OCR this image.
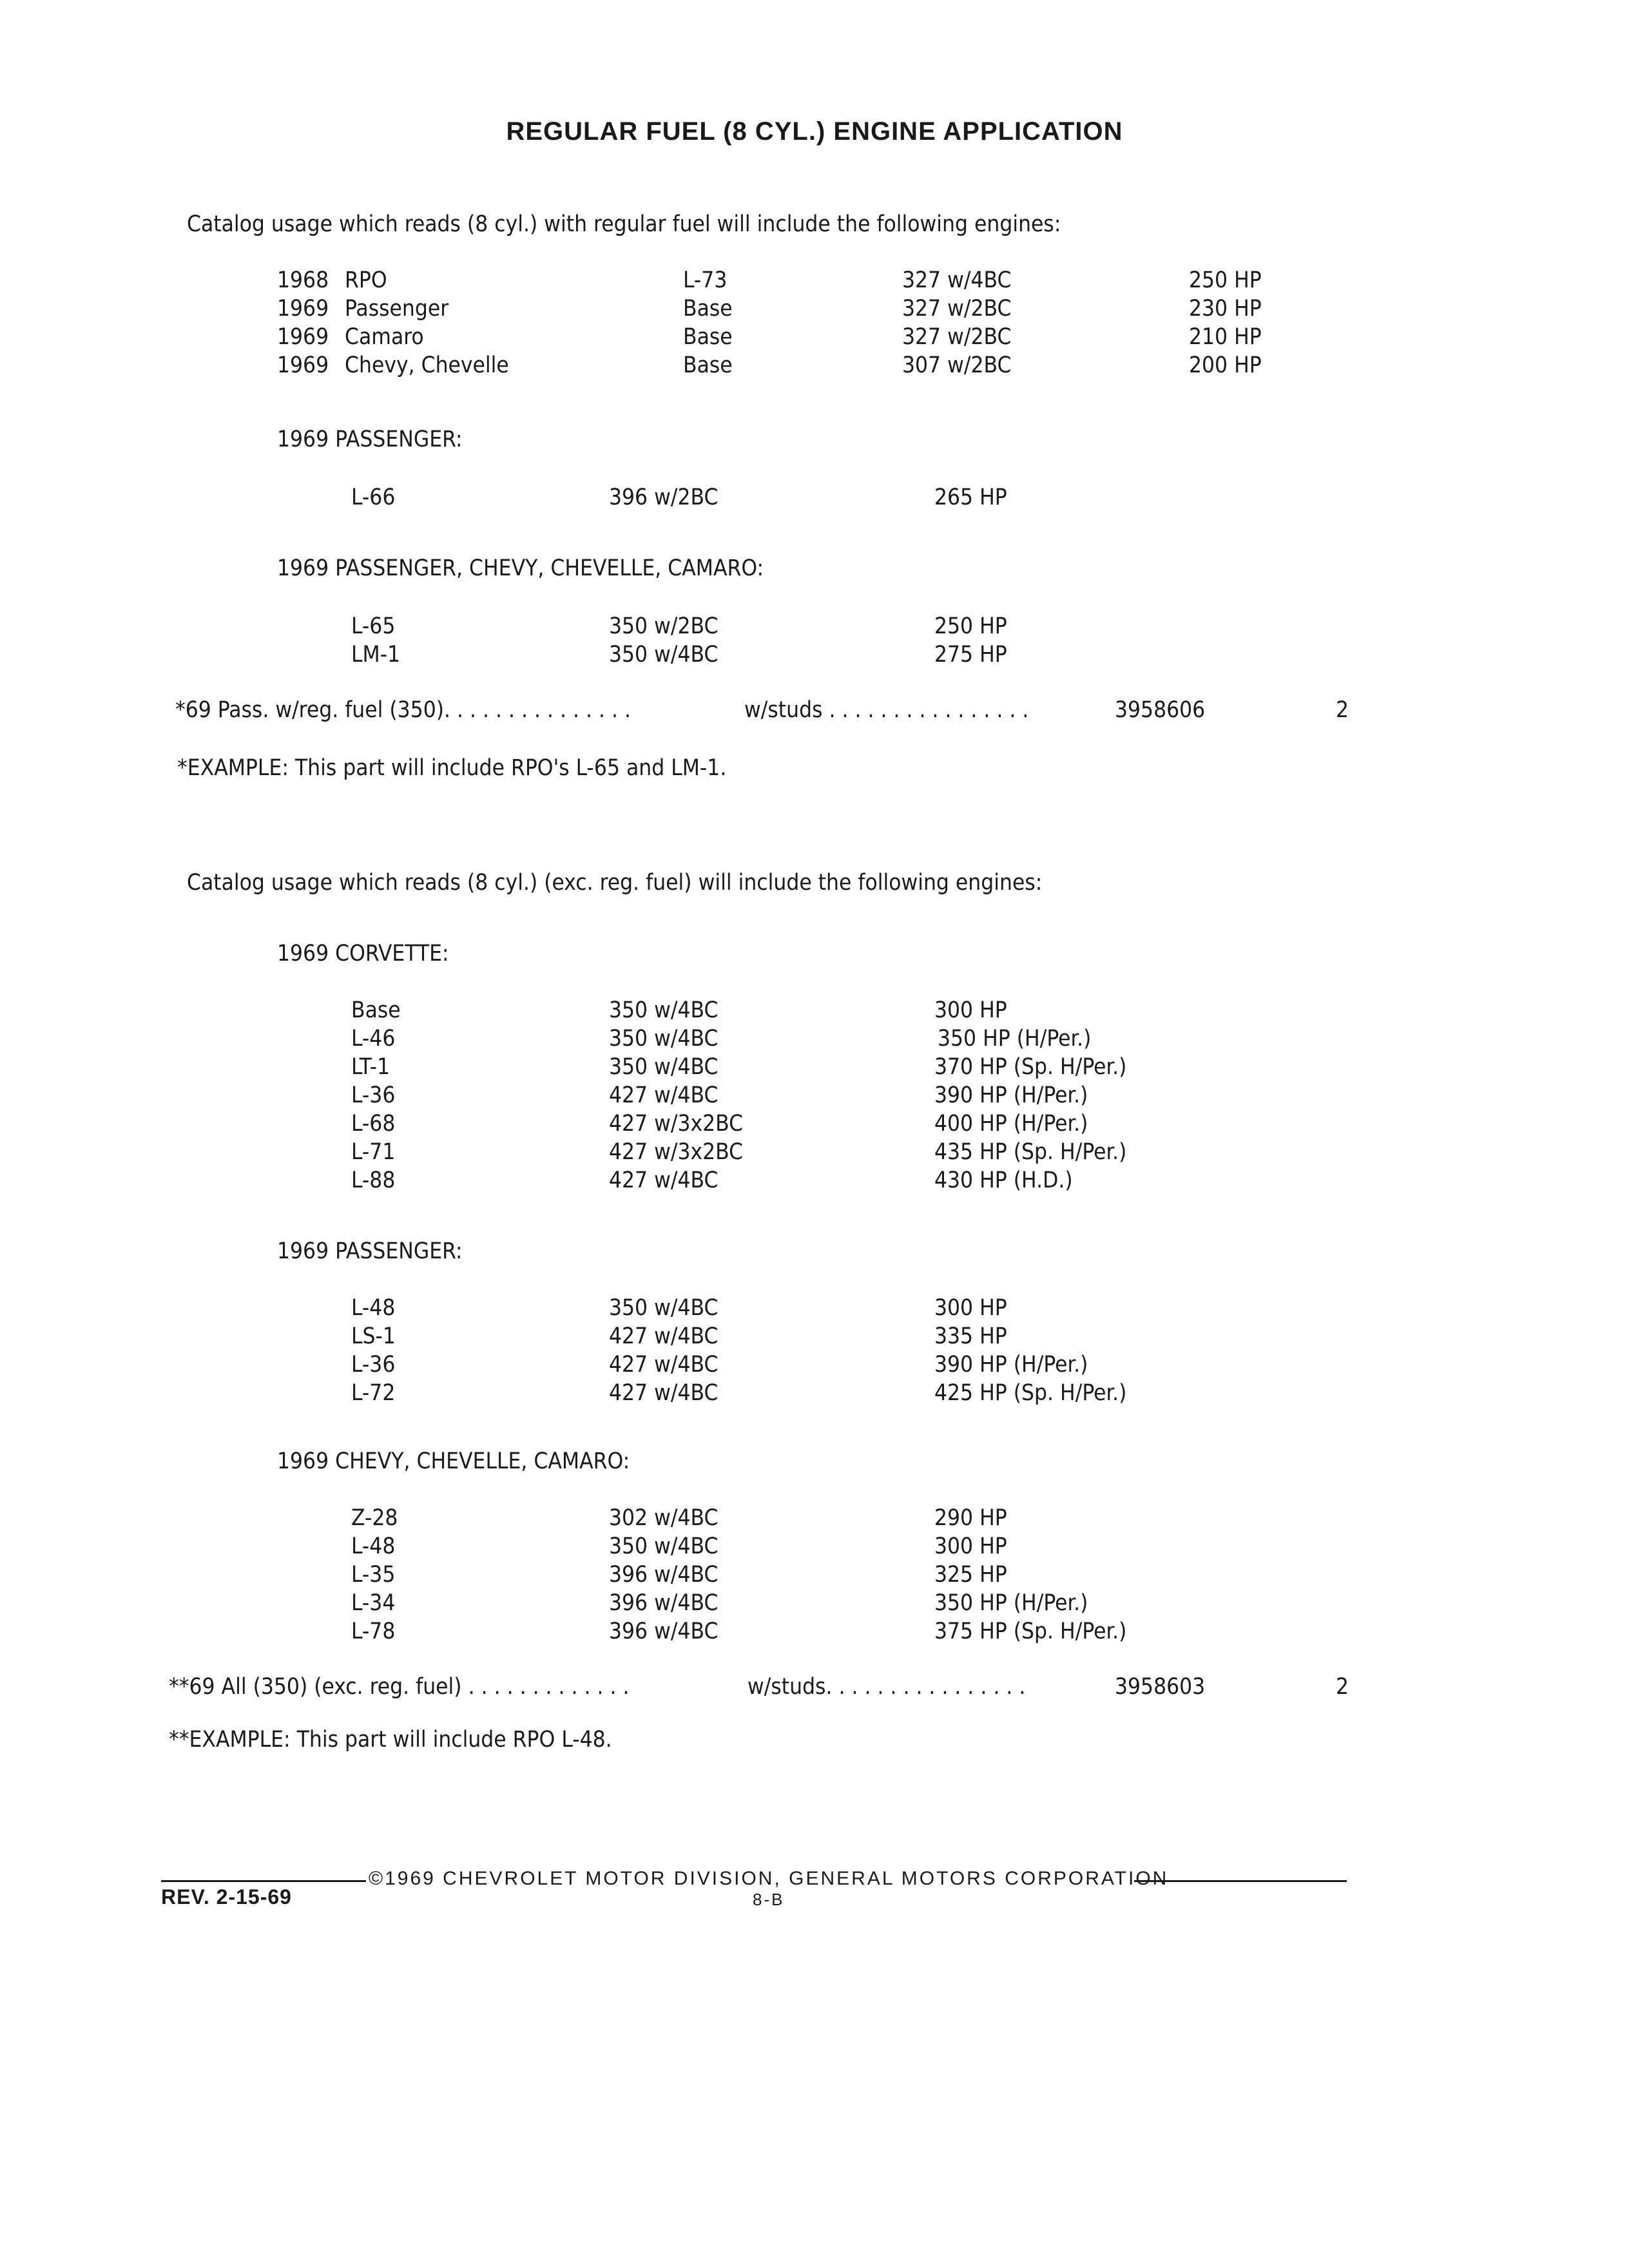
REGULAR FUEL (8 CYL.) ENGINE APPLICATION
Catalog usage which reads (8 cyl.) with regular fuel will include the following engines:
1968 RPO	L-73	327 w/4BC	250 HP
1969 Passenger	Base	327 w/2BC	230 HP
1969 Camaro	Base	327 w/2BC	210 HP
1969 Chevy, Chevelle	Base	307 w/2BC	200 HP
1969 PASSENGER:
L-66	396 w/2BC	265 HP
1969 PASSENGER, CHEVY, CHEVELLE, CAMARO:
L-65	350 w/2BC	250 HP
LM-1	350 w/4BC	275 HP
*69 Pass. w/reg. fuel (350). . . . . . . . . . . . . . .	w/studs . . . . . . . . . . . . . . . .	3958606	2
*EXAMPLE: This part will include RPO's L-65 and LM-1.
Catalog usage which reads (8 cyl.) (exc. reg. fuel) will include the following engines:
1969 CORVETTE:
Base	350 w/4BC	300 HP
L-46	350 w/4BC	350 HP (H/Per.)
LT-1	350 w/4BC	370 HP (Sp. H/Per.)
L-36	427 w/4BC	390 HP (H/Per.)
L-68	427 w/3x2BC	400 HP (H/Per.)
L-71	427 w/3x2BC	435 HP (Sp. H/Per.)
L-88	427 w/4BC	430 HP (H.D.)
1969 PASSENGER:
L-48	350 w/4BC	300 HP
LS-1	427 w/4BC	335 HP
L-36	427 w/4BC	390 HP (H/Per.)
L-72	427 w/4BC	425 HP (Sp. H/Per.)
1969 CHEVY, CHEVELLE, CAMARO:
Z-28	302 w/4BC	290 HP
L-48	350 w/4BC	300 HP
L-35	396 w/4BC	325 HP
L-34	396 w/4BC	350 HP (H/Per.)
L-78	396 w/4BC	375 HP (Sp. H/Per.)
**69 All (350) (exc. reg. fuel) . . . . . . . . . . . . .	w/studs. . . . . . . . . . . . . . . .	3958603	2
**EXAMPLE: This part will include RPO L-48.
©1969 CHEVROLET MOTOR DIVISION, GENERAL MOTORS CORPORATION
REV. 2-15-69	8-B
